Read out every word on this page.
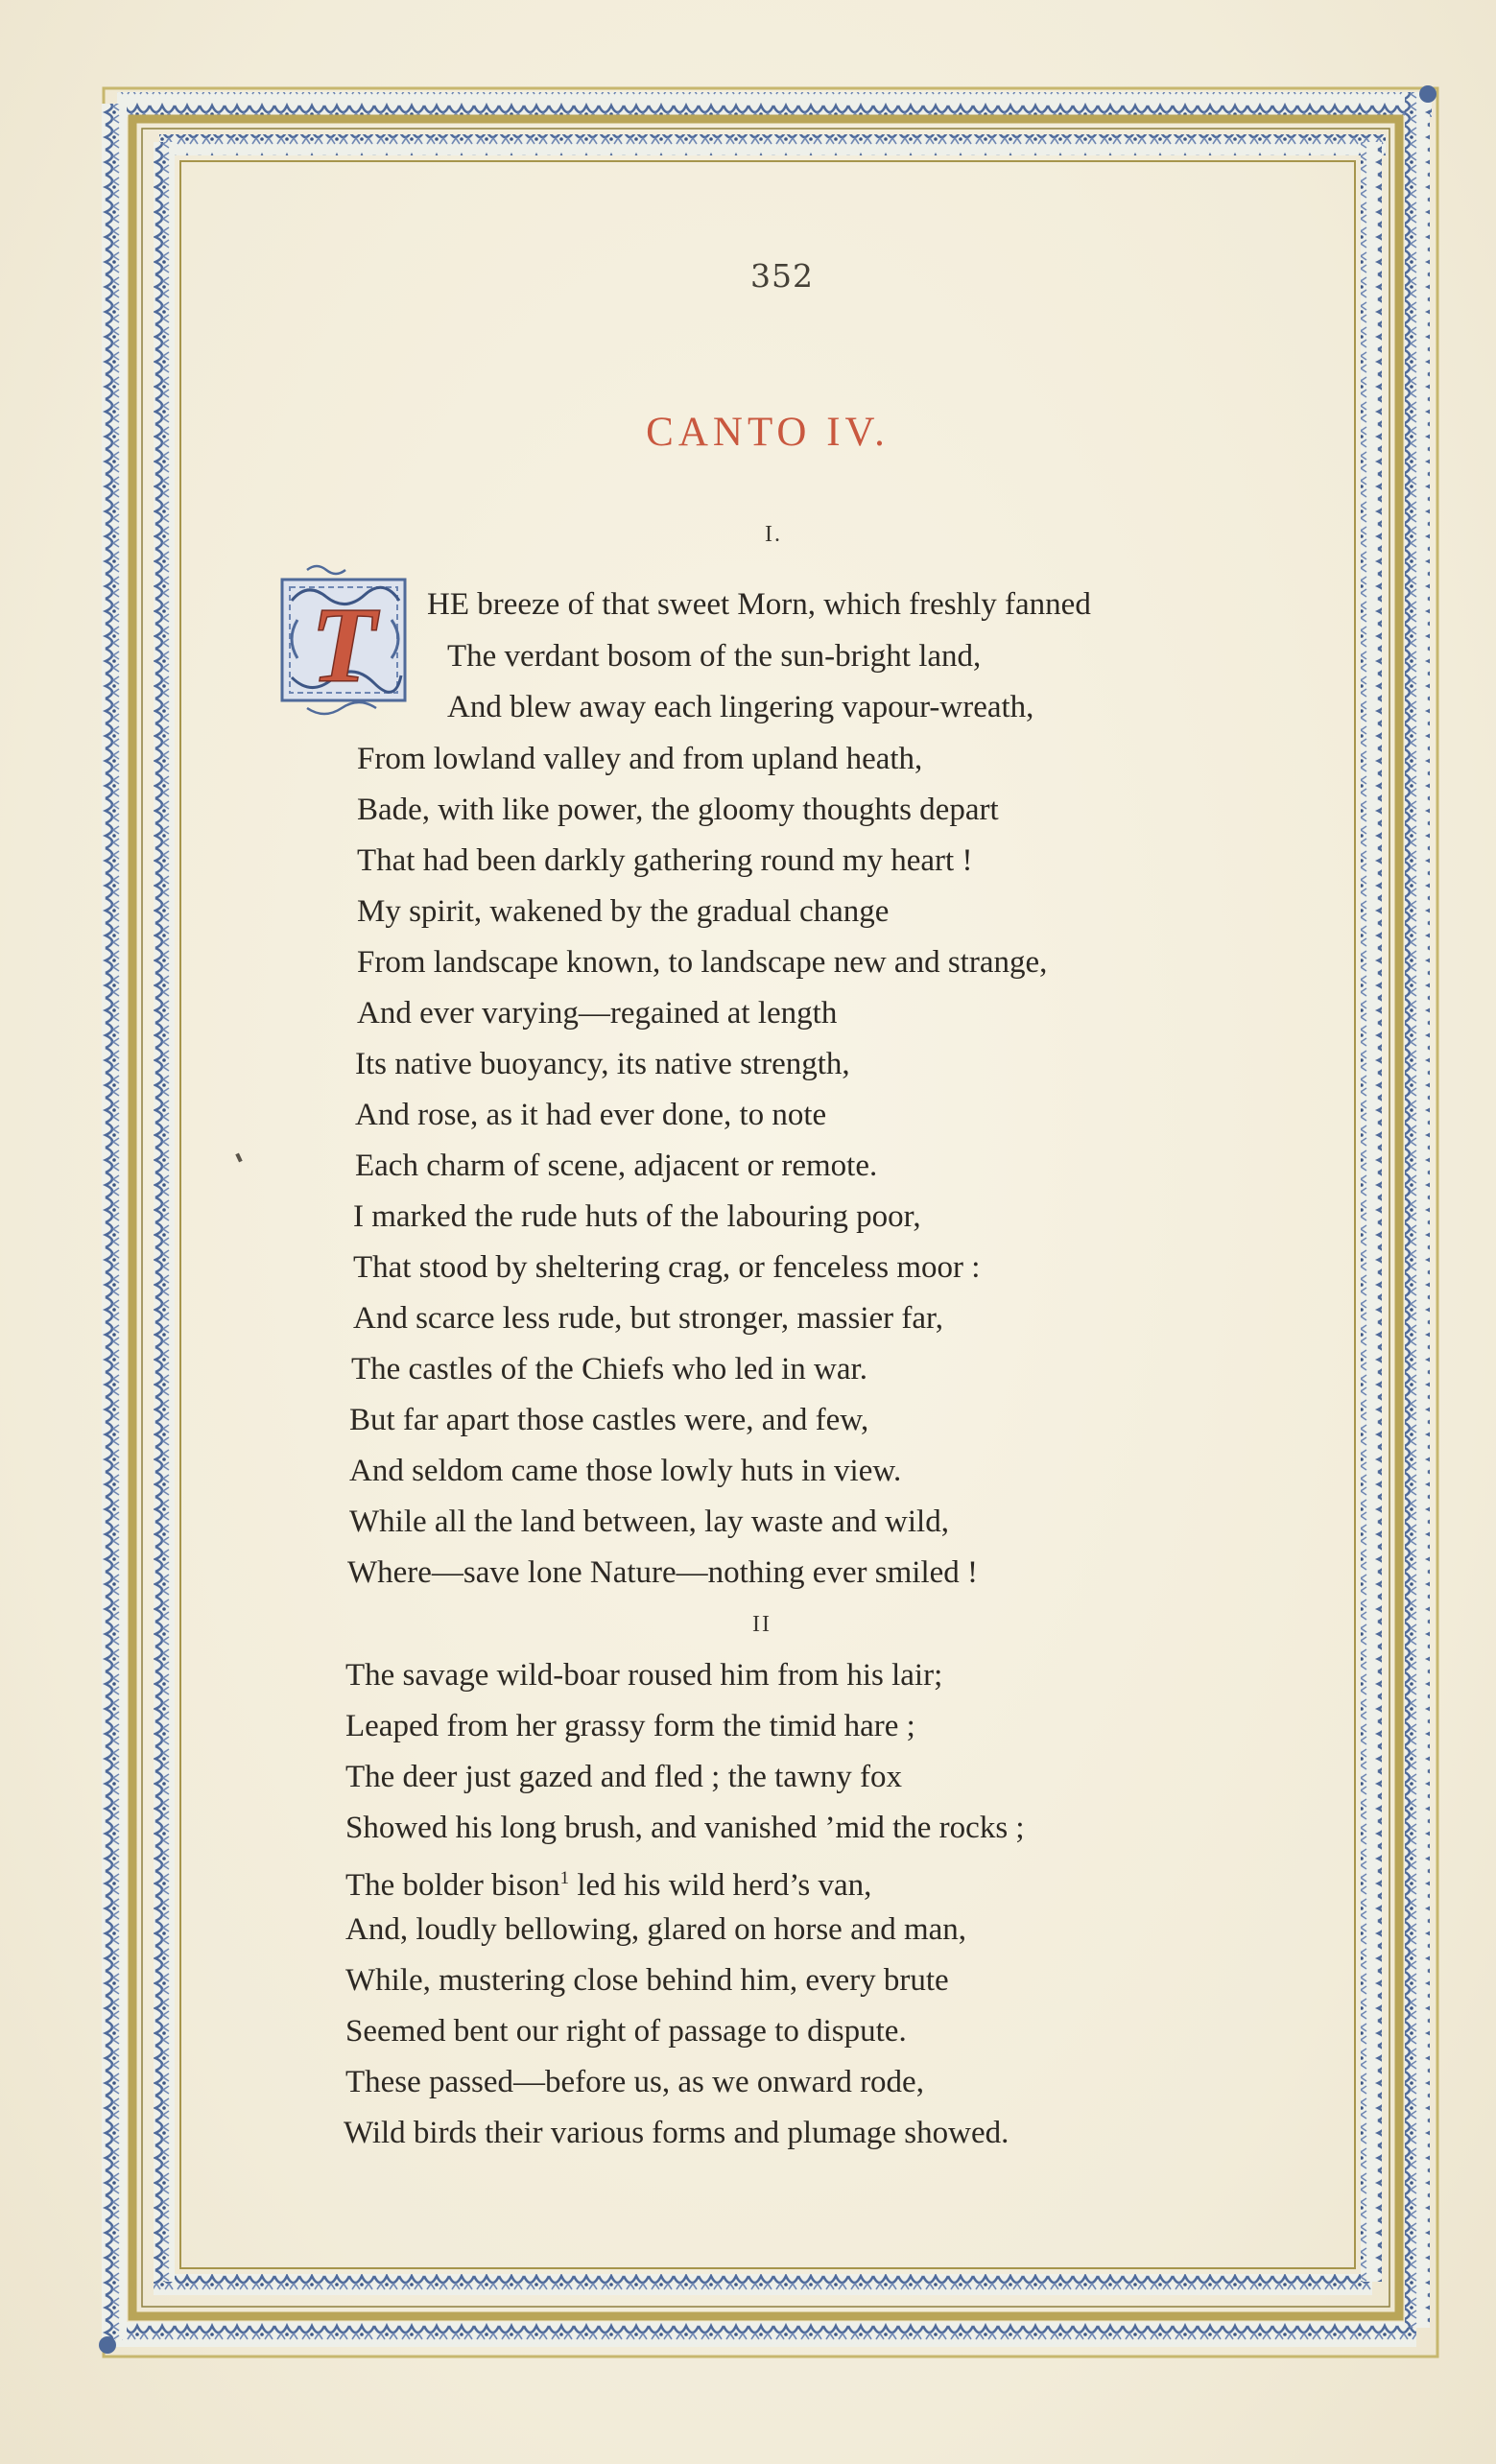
352
CANTO IV.
I.
T HE breeze of that sweet Morn, which freshly fanned
The verdant bosom of the sun-bright land,
And blew away each lingering vapour-wreath,
From lowland valley and from upland heath,
Bade, with like power, the gloomy thoughts depart
That had been darkly gathering round my heart !
My spirit, wakened by the gradual change
From landscape known, to landscape new and strange,
And ever varying—regained at length
Its native buoyancy, its native strength,
And rose, as it had ever done, to note
Each charm of scene, adjacent or remote.
I marked the rude huts of the labouring poor,
That stood by sheltering crag, or fenceless moor :
And scarce less rude, but stronger, massier far,
The castles of the Chiefs who led in war.
But far apart those castles were, and few,
And seldom came those lowly huts in view.
While all the land between, lay waste and wild,
Where—save lone Nature—nothing ever smiled !
II
The savage wild-boar roused him from his lair;
Leaped from her grassy form the timid hare ;
The deer just gazed and fled ; the tawny fox
Showed his long brush, and vanished ’mid the rocks ;
The bolder bison$^1$ led his wild herd’s van,
And, loudly bellowing, glared on horse and man,
While, mustering close behind him, every brute
Seemed bent our right of passage to dispute.
These passed—before us, as we onward rode,
Wild birds their various forms and plumage showed.
